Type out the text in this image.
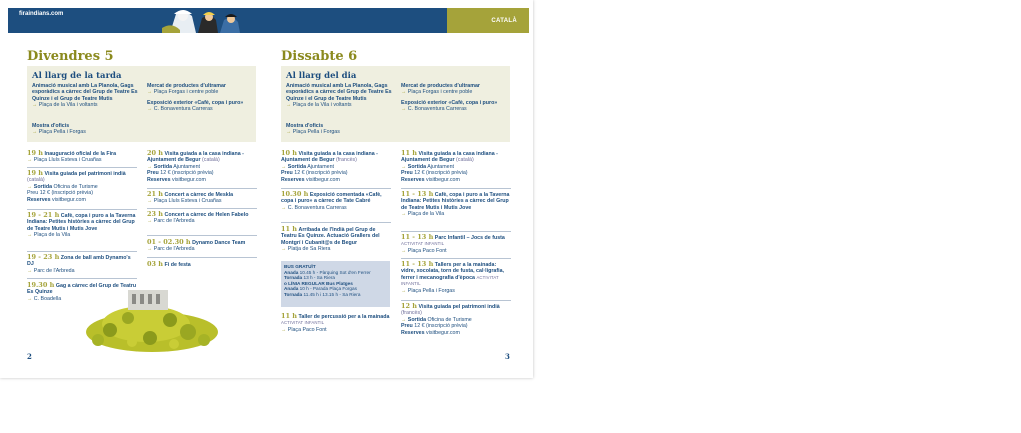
firaindians.com
CATALÀ
Divendres 5
Al llarg de la tarda
Animació musical amb La Planola, Gags esporàdics a càrrec del Grup de Teatre Es Quinze i el Grup de Teatre Mutis
→ Plaça de la Vila i voltants
Mostra d'oficis
→ Plaça Pella i Forgas
Mercat de productes d'ultramar
→ Plaça Forgas i centre poble
Exposició exterior «Cafè, copa i puro»
→ C. Bonaventura Carreras
19 h Inauguració oficial de la Fira
→ Plaça Lluís Esteva i Cruañas
19 h Visita guiada pel patrimoni indià (català)
→ Sortida Oficina de Turisme
Preu 12 € (inscripció prèvia)
Reserves visitbegur.com
19 - 21 h Cafè, copa i puro a la Taverna Indiana: Petites històries a càrrec del Grup de Teatre Mutis i Mutis Jove
→ Plaça de la Vila
19 - 23 h Zona de ball amb Dynamo's DJ
→ Parc de l'Arbreda
19.30 h Gag a càrrec del Grup de Teatru Es Quinze
→ C. Boadella
20 h Visita guiada a la casa indiana - Ajuntament de Begur (català)
→ Sortida Ajuntament
Preu 12 € (inscripció prèvia)
Reserves visitbegur.com
21 h Concert a càrrec de Meskla
→ Plaça Lluís Esteva i Cruañas
23 h Concert a càrrec de Helen Fabelo
→ Parc de l'Arbreda
01 - 02.30 h Dynamo Dance Team
→ Parc de l'Arbreda
03 h Fi de festa
2
Dissabte 6
Al llarg del dia
Animació musical amb La Planola, Gags esporàdics a càrrec del Grup de Teatre Es Quinze i el Grup de Teatre Mutis
→ Plaça de la Vila i voltants
Mostra d'oficis
→ Plaça Pella i Forgas
Mercat de productes d'ultramar
→ Plaça Forgas i centre poble
Exposició exterior «Cafè, copa i puro»
→ C. Bonaventura Carreras
10 h Visita guiada a la casa indiana - Ajuntament de Begur (francès)
→ Sortida Ajuntament
Preu 12 € (inscripció prèvia)
Reserves visitbegur.com
10.30 h Exposició comentada «Cafè, copa i puro» a càrrec de Tate Cabré
→ C. Bonaventura Carreras
11 h Arribada de l'Indià pel Grup de Teatru Es Quinze. Actuació Grallers del Montgrí i Cubanit@s de Begur
→ Platja de Sa Riera
BUS GRATUÏT
Anada 10.45 h - Pàrquing Sot d'en Ferrer
Tornada 13 h - Sa Riera
o LÍNIA REGULAR Bus Platges
Anada 10 h - Parada Plaça Forgas
Tornada 11.45 h i 13.15 h - Sa Riera
11 h Taller de percussió per a la mainada ACTIVITAT INFANTIL
→ Plaça Paco Font
11 h Visita guiada a la casa indiana - Ajuntament de Begur (català)
→ Sortida Ajuntament
Preu 12 € (inscripció prèvia)
Reserves visitbegur.com
11 - 13 h Cafè, copa i puro a la Taverna Indiana: Petites històries a càrrec del Grup de Teatre Mutis i Mutis Jove
→ Plaça de la Vila
11 - 13 h Parc Infantil – Jocs de fusta ACTIVITAT INFANTIL
→ Plaça Paco Font
11 - 13 h Tallers per a la mainada: vidre, xocolata, torn de fusta, cal·ligrafia, ferrer i mecanografia d'època ACTIVITAT INFANTIL
→ Plaça Pella i Forgas
12 h Visita guiada pel patrimoni indià (francès)
→ Sortida Oficina de Turisme
Preu 12 € (inscripció prèvia)
Reserves visitbegur.com
3
